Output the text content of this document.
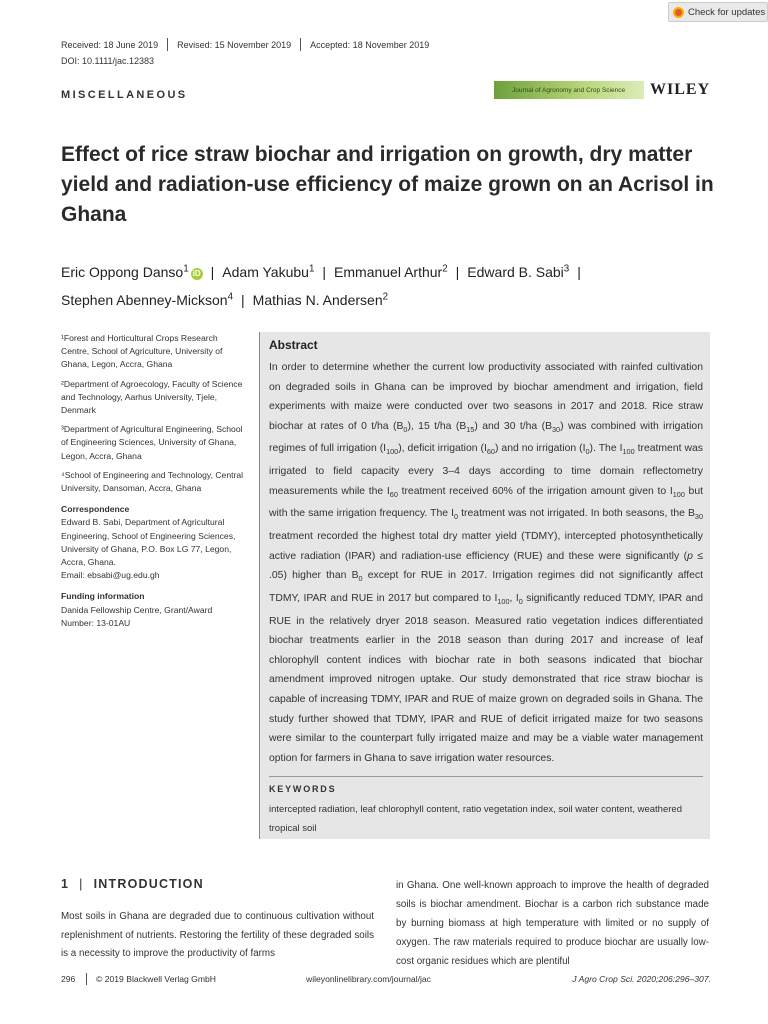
Check for updates
Received: 18 June 2019 Revised: 15 November 2019 Accepted: 18 November 2019
DOI: 10.1111/jac.12383
MISCELLANEOUS	Journal of Agronomy and Crop Science	WILEY
Effect of rice straw biochar and irrigation on growth, dry matter yield and radiation-use efficiency of maize grown on an Acrisol in Ghana
Eric Oppong Danso$^1$ iD | Adam Yakubu$^1$ | Emmanuel Arthur$^2$ | Edward B. Sabi$^3$ |
Stephen Abenney-Mickson$^4$ | Mathias N. Andersen$^2$

¹Forest and Horticultural Crops Research Centre, School of Agriculture, University of Ghana, Legon, Accra, Ghana

²Department of Agroecology, Faculty of Science and Technology, Aarhus University, Tjele, Denmark

³Department of Agricultural Engineering, School of Engineering Sciences, University of Ghana, Legon, Accra, Ghana

⁴School of Engineering and Technology, Central University, Dansoman, Accra, Ghana

Correspondence

Edward B. Sabi, Department of Agricultural Engineering, School of Engineering Sciences, University of Ghana, P.O. Box LG 77, Legon, Accra, Ghana.

Email: ebsabi@ug.edu.gh

Funding information

Danida Fellowship Centre, Grant/Award Number: 13-01AU

Abstract
In order to determine whether the current low productivity associated with rainfed cultivation on degraded soils in Ghana can be improved by biochar amendment and irrigation, field experiments with maize were conducted over two seasons in 2017 and 2018. Rice straw biochar at rates of 0 t/ha $(B_0)$, 15 t/ha $(B_{15})$ and 30 t/ha $(B_{30})$ was combined with irrigation regimes of full irrigation $(I_{100})$, deficit irrigation $(I_{60})$ and no irrigation $(I_0)$. The $I_{100}$ treatment was irrigated to field capacity every 3–4 days according to time domain reflectometry measurements while the $I_{60}$ treatment received 60% of the irrigation amount given to $I_{100}$ but with the same irrigation frequency. The $I_0$ treatment was not irrigated. In both seasons, the $B_{30}$ treatment recorded the highest total dry matter yield (TDMY), intercepted photosynthetically active radiation (IPAR) and radiation-use efficiency (RUE) and these were significantly (p ≤ .05) higher than $B_0$ except for RUE in 2017. Irrigation regimes did not significantly affect TDMY, IPAR and RUE in 2017 but compared to $I_{100}$, $I_0$ significantly reduced TDMY, IPAR and RUE in the relatively dryer 2018 season. Measured ratio vegetation indices differentiated biochar treatments earlier in the 2018 season than during 2017 and increase of leaf chlorophyll content indices with biochar rate in both seasons indicated that biochar amendment improved nitrogen uptake. Our study demonstrated that rice straw biochar is capable of increasing TDMY, IPAR and RUE of maize grown on degraded soils in Ghana. The study further showed that TDMY, IPAR and RUE of deficit irrigated maize for two seasons were similar to the counterpart fully irrigated maize and may be a viable water management option for farmers in Ghana to save irrigation water resources.
KEYWORDS
intercepted radiation, leaf chlorophyll content, ratio vegetation index, soil water content, weathered tropical soil
1 | INTRODUCTION
Most soils in Ghana are degraded due to continuous cultivation without replenishment of nutrients. Restoring the fertility of these degraded soils is a necessity to improve the productivity of farms
in Ghana. One well-known approach to improve the health of degraded soils is biochar amendment. Biochar is a carbon rich substance made by burning biomass at high temperature with limited or no supply of oxygen. The raw materials required to produce biochar are usually low-cost organic residues which are plentiful
296 © 2019 Blackwell Verlag GmbH	wileyonlinelibrary.com/journal/jac	J Agro Crop Sci. 2020;206:296–307.
